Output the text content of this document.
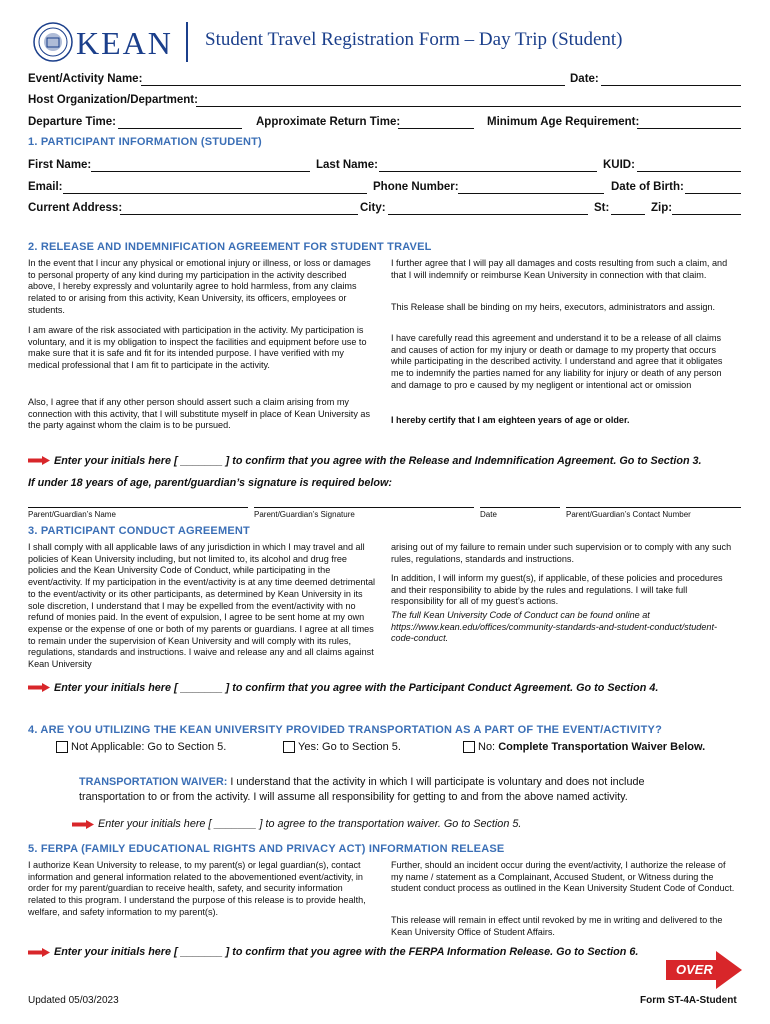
KEAN Student Travel Registration Form – Day Trip (Student)
Event/Activity Name:	Date:
Host Organization/Department:
Departure Time:	Approximate Return Time:	Minimum Age Requirement:
1. PARTICIPANT INFORMATION (STUDENT)
First Name:	Last Name:	KUID:
Email:	Phone Number:	Date of Birth:
Current Address:	City:	St:	Zip:
2. RELEASE AND INDEMNIFICATION AGREEMENT FOR STUDENT TRAVEL
In the event that I incur any physical or emotional injury or illness, or loss or damages to personal property of any kind during my participation in the activity described above, I hereby expressly and voluntarily agree to hold harmless, from any claims related to or arising from this activity, Kean University, its officers, employees or students.
I am aware of the risk associated with participation in the activity. My participation is voluntary, and it is my obligation to inspect the facilities and equipment before use to make sure that it is safe and fit for its intended purpose. I have verified with my medical professional that I am fit to participate in the activity.
Also, I agree that if any other person should assert such a claim arising from my connection with this activity, that I will substitute myself in place of Kean University as the party against whom the claim is to be pursued.
I further agree that I will pay all damages and costs resulting from such a claim, and that I will indemnify or reimburse Kean University in connection with that claim.
This Release shall be binding on my heirs, executors, administrators and assign.
I have carefully read this agreement and understand it to be a release of all claims and causes of action for my injury or death or damage to my property that occurs while participating in the described activity. I understand and agree that it obligates me to indemnify the parties named for any liability for injury or death of any person and damage to pro e caused by my negligent or intentional act or omission
I hereby certify that I am eighteen years of age or older.
Enter your initials here [ _______ ] to confirm that you agree with the Release and Indemnification Agreement. Go to Section 3.
If under 18 years of age, parent/guardian’s signature is required below:
Parent/Guardian’s Name	Parent/Guardian’s Signature	Date	Parent/Guardian’s Contact Number
3. PARTICIPANT CONDUCT AGREEMENT
I shall comply with all applicable laws of any jurisdiction in which I may travel and all policies of Kean University including, but not limited to, its alcohol and drug free policies and the Kean University Code of Conduct, while participating in the event/activity. If my participation in the event/activity is at any time deemed detrimental to the event/activity or its other participants, as determined by Kean University in its sole discretion, I understand that I may be expelled from the event/activity with no refund of monies paid. In the event of expulsion, I agree to be sent home at my own expense or the expense of one or both of my parents or guardians. I agree at all times to remain under the supervision of Kean University and will comply with its rules, regulations, standards and instructions. I waive and release any and all claims against Kean University
arising out of my failure to remain under such supervision or to comply with any such rules, regulations, standards and instructions.
In addition, I will inform my guest(s), if applicable, of these policies and procedures and their responsibility to abide by the rules and regulations. I will take full responsibility for all of my guest’s actions.
The full Kean University Code of Conduct can be found online at https://www.kean.edu/offices/community-standards-and-student-conduct/student-code-conduct.
Enter your initials here [ _______ ] to confirm that you agree with the Participant Conduct Agreement. Go to Section 4.
4. ARE YOU UTILIZING THE KEAN UNIVERSITY PROVIDED TRANSPORTATION AS A PART OF THE EVENT/ACTIVITY?
Not Applicable: Go to Section 5.	Yes: Go to Section 5.	No: Complete Transportation Waiver Below.
TRANSPORTATION WAIVER: I understand that the activity in which I will participate is voluntary and does not include transportation to or from the activity. I will assume all responsibility for getting to and from the above named activity.
Enter your initials here [ _______ ] to agree to the transportation waiver. Go to Section 5.
5. FERPA (FAMILY EDUCATIONAL RIGHTS AND PRIVACY ACT) INFORMATION RELEASE
I authorize Kean University to release, to my parent(s) or legal guardian(s), contact information and general information related to the abovementioned event/activity, in order for my parent/guardian to receive health, safety, and security information related to this program. I understand the purpose of this release is to provide health, welfare, and safety information to my parent(s).
Further, should an incident occur during the event/activity, I authorize the release of my name / statement as a Complainant, Accused Student, or Witness during the student conduct process as outlined in the Kean University Student Code of Conduct.
This release will remain in effect until revoked by me in writing and delivered to the Kean University Office of Student Affairs.
Enter your initials here [ _______ ] to confirm that you agree with the FERPA Information Release. Go to Section 6.
OVER
Updated 05/03/2023	Form ST-4A-Student
